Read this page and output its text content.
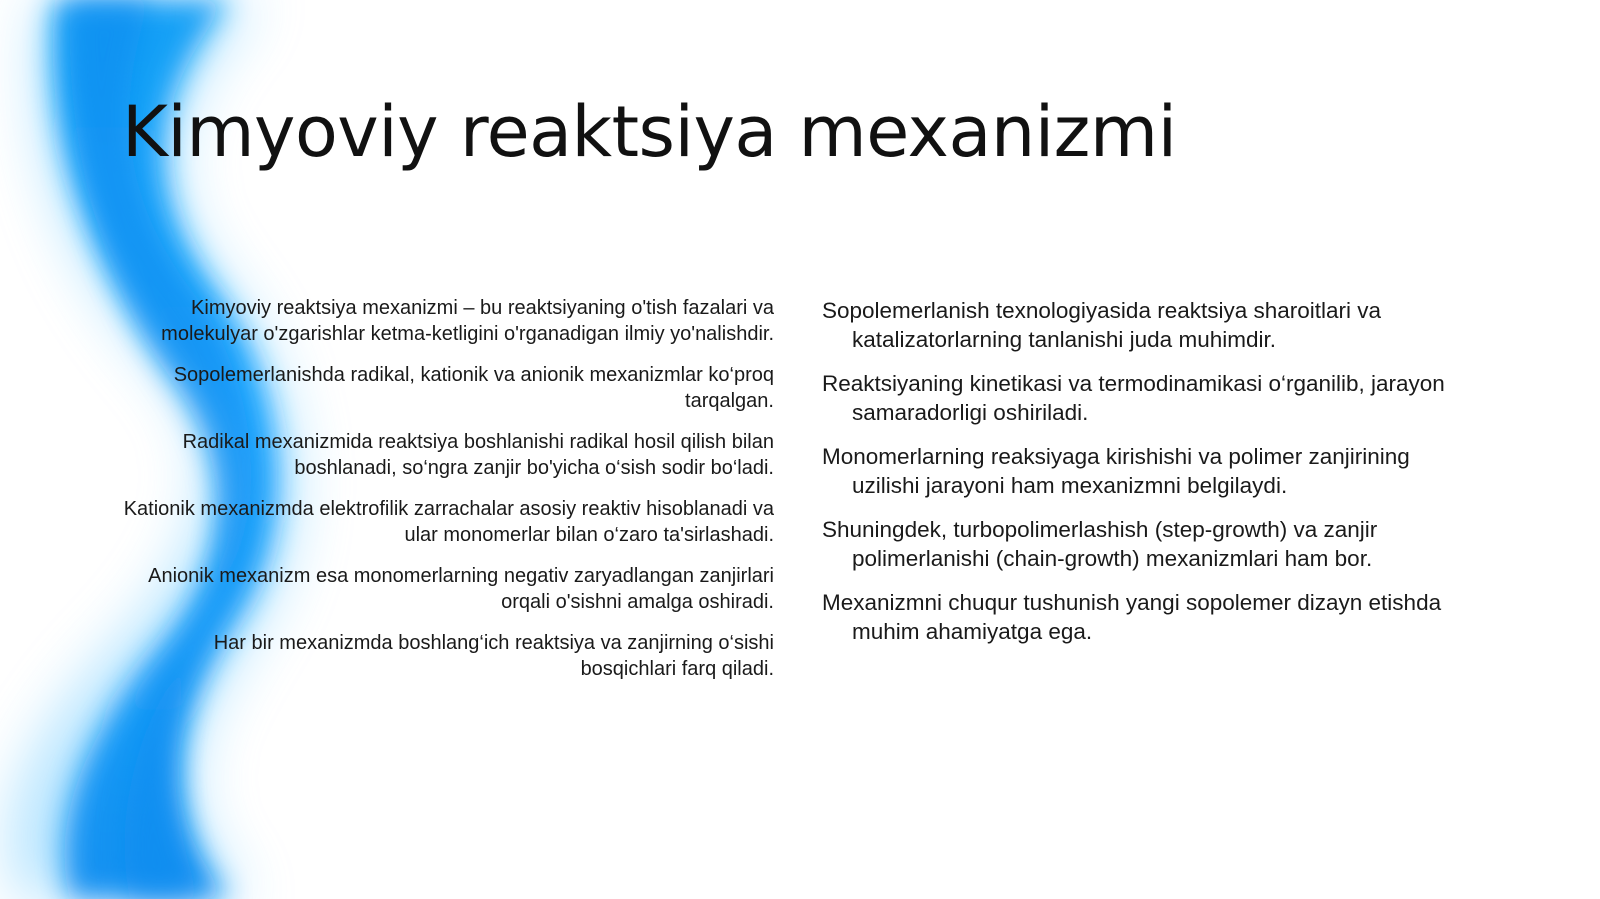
Kimyoviy reaktsiya mexanizmi

Kimyoviy reaktsiya mexanizmi – bu reaktsiyaning o'tish fazalari va molekulyar o'zgarishlar ketma-ketligini o'rganadigan ilmiy yo'nalishdir.

Sopolemerlanishda radikal, kationik va anionik mexanizmlar ko‘proq tarqalgan.

Radikal mexanizmida reaktsiya boshlanishi radikal hosil qilish bilan boshlanadi, so‘ngra zanjir bo'yicha o‘sish sodir bo‘ladi.

Kationik mexanizmda elektrofilik zarrachalar asosiy reaktiv hisoblanadi va ular monomerlar bilan o‘zaro ta'sirlashadi.

Anionik mexanizm esa monomerlarning negativ zaryadlangan zanjirlari orqali o'sishni amalga oshiradi.

Har bir mexanizmda boshlang‘ich reaktsiya va zanjirning o‘sishi bosqichlari farq qiladi.

Sopolemerlanish texnologiyasida reaktsiya sharoitlari va katalizatorlarning tanlanishi juda muhimdir.

Reaktsiyaning kinetikasi va termodinamikasi o‘rganilib, jarayon samaradorligi oshiriladi.

Monomerlarning reaksiyaga kirishishi va polimer zanjirining uzilishi jarayoni ham mexanizmni belgilaydi.

Shuningdek, turbopolimerlashish (step-growth) va zanjir polimerlanishi (chain-growth) mexanizmlari ham bor.

Mexanizmni chuqur tushunish yangi sopolemer dizayn etishda muhim ahamiyatga ega.
